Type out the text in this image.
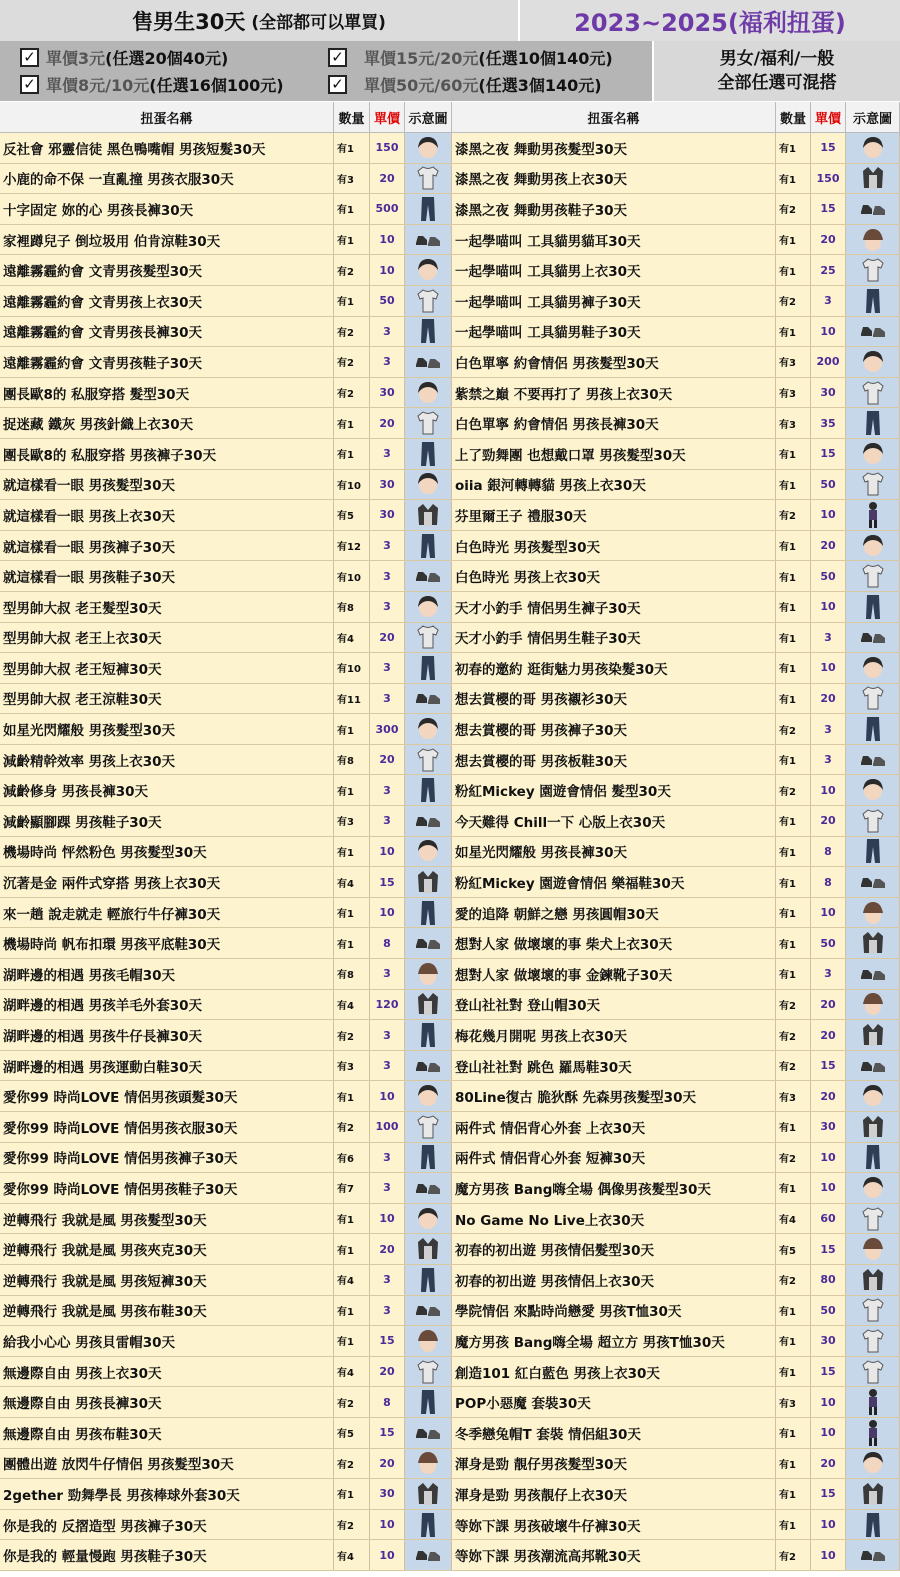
售男生30天 (全部都可以單買)	2023~2025(福利扭蛋)
✓ 單價3元 (任選20個40元)	✓ 單價15元/20元 (任選10個140元)
✓ 單價8元/10元 (任選16個100元)	✓ 單價50元/60元 (任選3個140元)
男女/福利/一般
全部任選可混搭
扭蛋名稱	數量 單價 示意圖	扭蛋名稱	數量 單價 示意圖
反社會 邪靈信徒 黑色鴨嘴帽 男孩短髮30天	有1	150	漆黑之夜 舞動男孩髮型30天	有1	15
小鹿的命不保 一直亂撞 男孩衣服30天	有3	20	漆黑之夜 舞動男孩上衣30天	有1	150
十字固定 妳的心 男孩長褲30天	有1	500	漆黑之夜 舞動男孩鞋子30天	有2	15
家裡蹲兒子 倒垃圾用 伯肯涼鞋30天	有1	10	一起學喵叫 工具貓男貓耳30天	有1	20
遠離霧霾約會 文青男孩髮型30天	有2	10	一起學喵叫 工具貓男上衣30天	有1	25
遠離霧霾約會 文青男孩上衣30天	有1	50	一起學喵叫 工具貓男褲子30天	有2	3
遠離霧霾約會 文青男孩長褲30天	有2	3	一起學喵叫 工具貓男鞋子30天	有1	10
遠離霧霾約會 文青男孩鞋子30天	有2	3	白色單寧 約會情侶 男孩髮型30天	有3	200
團長歐8的 私服穿搭 髮型30天	有2	30	紫禁之巔 不要再打了 男孩上衣30天	有3	30
捉迷藏 鐵灰 男孩針織上衣30天	有1	20	白色單寧 約會情侶 男孩長褲30天	有3	35
團長歐8的 私服穿搭 男孩褲子30天	有1	3	上了勁舞團 也想戴口罩 男孩髮型30天	有1	15
就這樣看一眼 男孩髮型30天	有10	30	oiia 銀河轉轉貓 男孩上衣30天	有1	50
就這樣看一眼 男孩上衣30天	有5	30	芬里爾王子 禮服30天	有2	10
就這樣看一眼 男孩褲子30天	有12	3	白色時光 男孩髮型30天	有1	20
就這樣看一眼 男孩鞋子30天	有10	3	白色時光 男孩上衣30天	有1	50
型男帥大叔 老王髮型30天	有8	3	天才小釣手 情侶男生褲子30天	有1	10
型男帥大叔 老王上衣30天	有4	20	天才小釣手 情侶男生鞋子30天	有1	3
型男帥大叔 老王短褲30天	有10	3	初春的邀約 逛街魅力男孩染髮30天	有1	10
型男帥大叔 老王涼鞋30天	有11	3	想去賞櫻的哥 男孩襯衫30天	有1	20
如星光閃耀般 男孩髮型30天	有1	300	想去賞櫻的哥 男孩褲子30天	有2	3
減齡精幹效率 男孩上衣30天	有8	20	想去賞櫻的哥 男孩板鞋30天	有1	3
減齡修身 男孩長褲30天	有1	3	粉紅Mickey 園遊會情侶 髮型30天	有2	10
減齡顯腳踝 男孩鞋子30天	有3	3	今天難得 Chill一下 心版上衣30天	有1	20
機場時尚 怦然粉色 男孩髮型30天	有1	10	如星光閃耀般 男孩長褲30天	有1	8
沉著是金 兩件式穿搭 男孩上衣30天	有4	15	粉紅Mickey 園遊會情侶 樂福鞋30天	有1	8
來一趟 說走就走 輕旅行牛仔褲30天	有1	10	愛的追降 朝鮮之戀 男孩圓帽30天	有1	10
機場時尚 帆布扣環 男孩平底鞋30天	有1	8	想對人家 做壞壞的事 柴犬上衣30天	有1	50
湖畔邊的相遇 男孩毛帽30天	有8	3	想對人家 做壞壞的事 金鍊靴子30天	有1	3
湖畔邊的相遇 男孩羊毛外套30天	有4	120	登山社社對 登山帽30天	有2	20
湖畔邊的相遇 男孩牛仔長褲30天	有2	3	梅花幾月開呢 男孩上衣30天	有2	20
湖畔邊的相遇 男孩運動白鞋30天	有3	3	登山社社對 跳色 羅馬鞋30天	有2	15
愛你99 時尚LOVE 情侶男孩頭髮30天	有1	10	80Line復古 脆狄酥 先森男孩髮型30天	有3	20
愛你99 時尚LOVE 情侶男孩衣服30天	有2	100	兩件式 情侶背心外套 上衣30天	有1	30
愛你99 時尚LOVE 情侶男孩褲子30天	有6	3	兩件式 情侶背心外套 短褲30天	有2	10
愛你99 時尚LOVE 情侶男孩鞋子30天	有7	3	魔方男孩 Bang嗨全場 偶像男孩髮型30天	有1	10
逆轉飛行 我就是風 男孩髮型30天	有1	10	No Game No Live上衣30天	有4	60
逆轉飛行 我就是風 男孩夾克30天	有1	20	初春的初出遊 男孩情侶髮型30天	有5	15
逆轉飛行 我就是風 男孩短褲30天	有4	3	初春的初出遊 男孩情侶上衣30天	有2	80
逆轉飛行 我就是風 男孩布鞋30天	有1	3	學院情侶 來點時尚戀愛 男孩T恤30天	有1	50
給我小心心 男孩貝雷帽30天	有1	15	魔方男孩 Bang嗨全場 超立方 男孩T恤30天	有1	30
無邊際自由 男孩上衣30天	有4	20	創造101 紅白藍色 男孩上衣30天	有1	15
無邊際自由 男孩長褲30天	有2	8	POP小惡魔 套裝30天	有3	10
無邊際自由 男孩布鞋30天	有5	15	冬季戀兔帽T 套裝 情侶組30天	有1	10
團體出遊 放閃牛仔情侶 男孩髮型30天	有2	20	渾身是勁 靚仔男孩髮型30天	有1	20
2gether 勁舞學長 男孩棒球外套30天	有1	30	渾身是勁 男孩靚仔上衣30天	有1	15
你是我的 反摺造型 男孩褲子30天	有2	10	等妳下課 男孩破壞牛仔褲30天	有1	10
你是我的 輕量慢跑 男孩鞋子30天	有4	10	等妳下課 男孩潮流高邦靴30天	有2	10
